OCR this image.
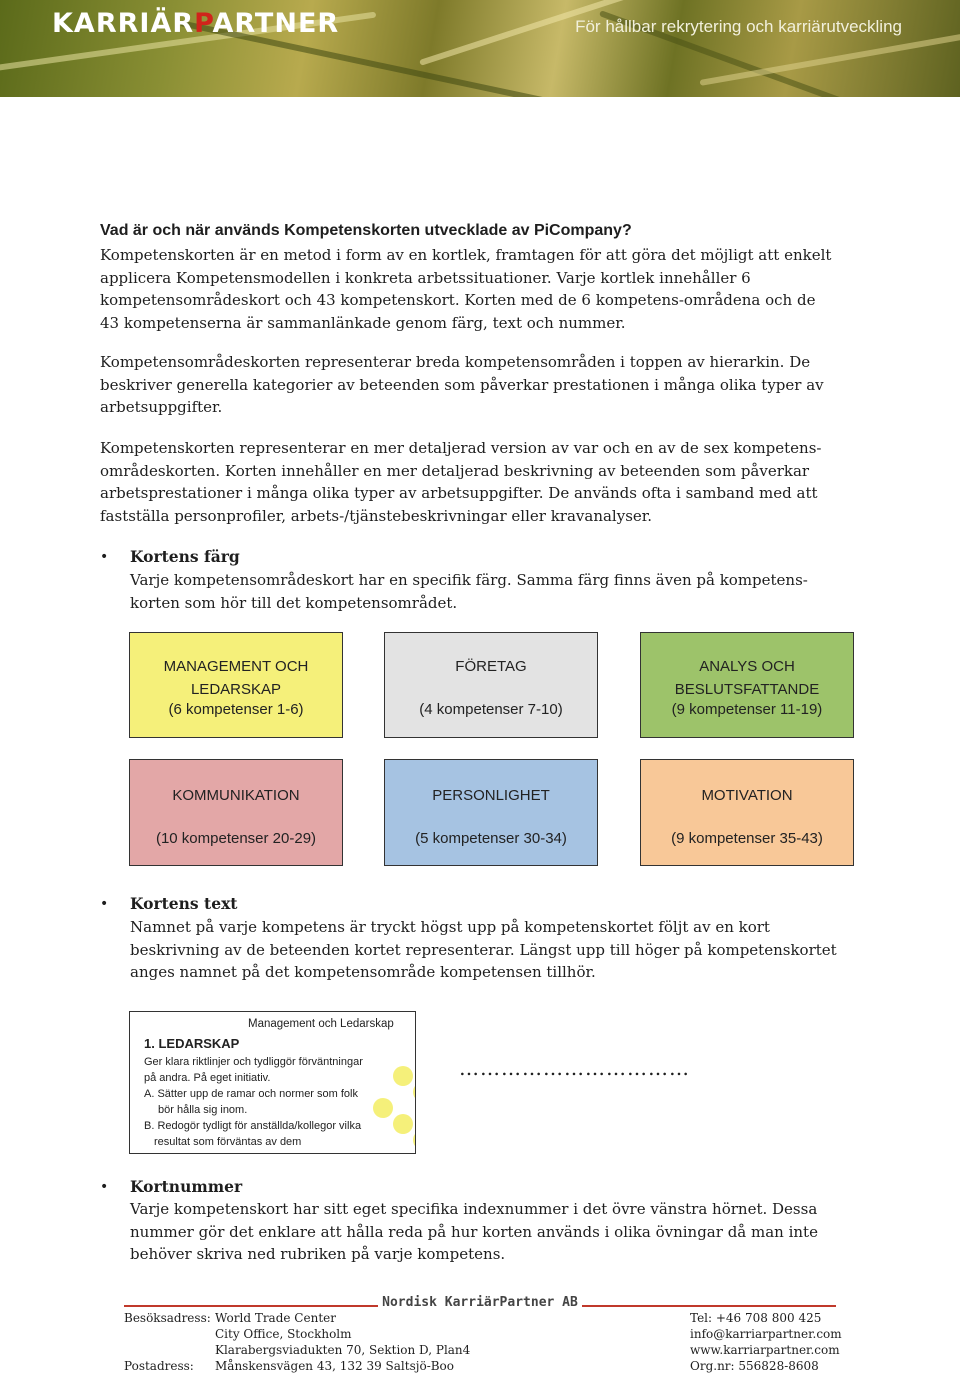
KARRIÄRPARTNER	För hållbar rekrytering och karriärutveckling
Vad är och när används Kompetenskorten utvecklade av PiCompany?
Kompetenskorten är en metod i form av en kortlek, framtagen för att göra det möjligt att enkelt
applicera Kompetensmodellen i konkreta arbetssituationer. Varje kortlek innehåller 6
kompetensområdeskort och 43 kompetenskort. Korten med de 6 kompetens-områdena och de
43 kompetenserna är sammanlänkade genom färg, text och nummer.
Kompetensområdeskorten representerar breda kompetensområden i toppen av hierarkin. De
beskriver generella kategorier av beteenden som påverkar prestationen i många olika typer av
arbetsuppgifter.
Kompetenskorten representerar en mer detaljerad version av var och en av de sex kompetens-
områdeskorten. Korten innehåller en mer detaljerad beskrivning av beteenden som påverkar
arbetsprestationer i många olika typer av arbetsuppgifter. De används ofta i samband med att
fastställa personprofiler, arbets-/tjänstebeskrivningar eller kravanalyser.
• Kortens färg
Varje kompetensområdeskort har en specifik färg. Samma färg finns även på kompetens-
korten som hör till det kompetensområdet.
MANAGEMENT OCH
LEDARSKAP
(6 kompetenser 1-6)
FÖRETAG
(4 kompetenser 7-10)
ANALYS OCH
BESLUTSFATTANDE
(9 kompetenser 11-19)
KOMMUNIKATION
(10 kompetenser 20-29)
PERSONLIGHET
(5 kompetenser 30-34)
MOTIVATION
(9 kompetenser 35-43)
• Kortens text
Namnet på varje kompetens är tryckt högst upp på kompetenskortet följt av en kort
beskrivning av de beteenden kortet representerar. Längst upp till höger på kompetenskortet
anges namnet på det kompetensområde kompetensen tillhör.
Management och Ledarskap
1. LEDARSKAP
Ger klara riktlinjer och tydliggör förväntningar
på andra. På eget initiativ.
A. Sätter upp de ramar och normer som folk
bör hålla sig inom.
B. Redogör tydligt för anställda/kollegor vilka
resultat som förväntas av dem
……………………………
• Kortnummer
Varje kompetenskort har sitt eget specifika indexnummer i det övre vänstra hörnet. Dessa
nummer gör det enklare att hålla reda på hur korten används i olika övningar då man inte
behöver skriva ned rubriken på varje kompetens.
Nordisk KarriärPartner AB
Besöksadress: World Trade Center
City Office, Stockholm
Klarabergsviadukten 70, Sektion D, Plan4
Månskensvägen 43, 132 39 Saltsjö-Boo
Postadress:
Tel: +46 708 800 425
info@karriarpartner.com
www.karriarpartner.com
Org.nr: 556828-8608
